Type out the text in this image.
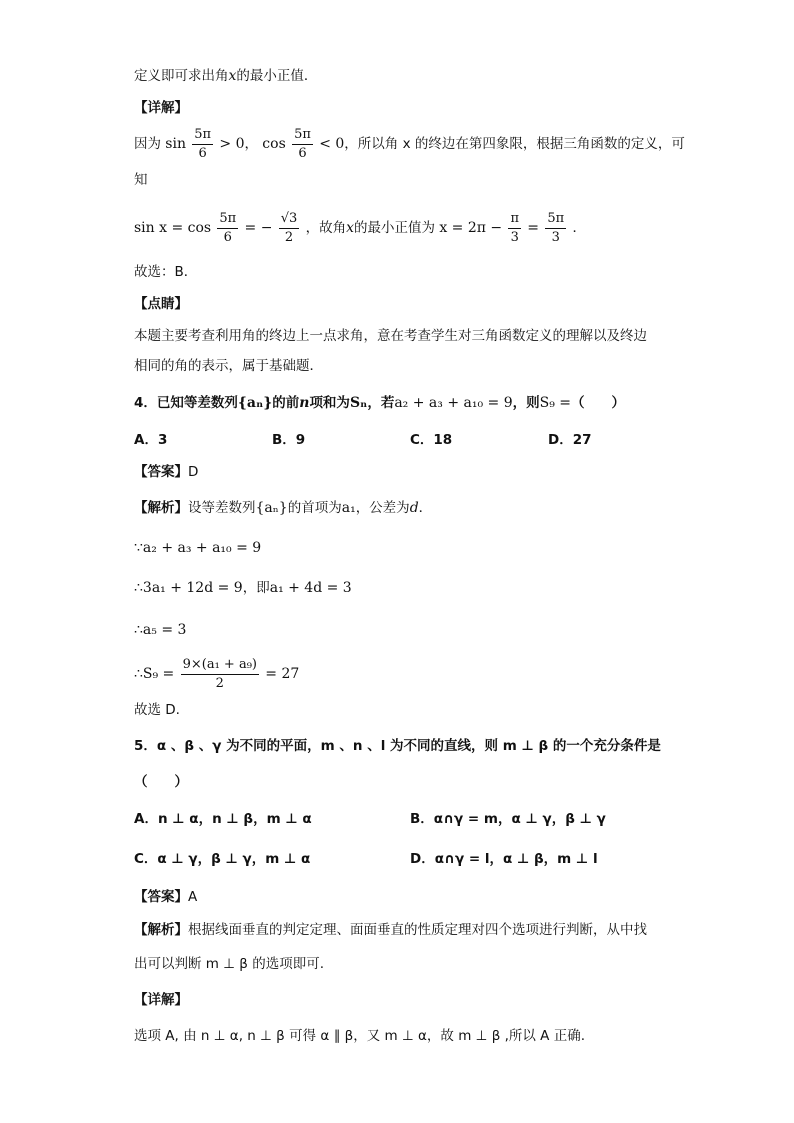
定义即可求出角x的最小正值．
【详解】
因为 $\sin \frac{5\pi}{6} > 0$， $\cos \frac{5\pi}{6} < 0$，所以角 x 的终边在第四象限，根据三角函数的定义，可
知
$\sin x = \cos \frac{5\pi}{6}$ = − $\frac{√3}{2}$ ，故角x的最小正值为 $x = 2\pi - \frac{\pi}{3} = \frac{5\pi}{3}$ ．
故选：B．
【点睛】
本题主要考查利用角的终边上一点求角，意在考查学生对三角函数定义的理解以及终边
相同的角的表示，属于基础题．
4．已知等差数列{aₙ}的前n项和为Sₙ，若a₂ + a₃ + a₁₀ = 9，则S₉ =（　　）
A．3	B．9	C．18	D．27
【答案】D
【解析】设等差数列{aₙ}的首项为a₁，公差为d．
∵a₂ + a₃ + a₁₀ = 9
∴3a₁ + 12d = 9，即a₁ + 4d = 3
∴a₅ = 3
∴S₉ = $\frac{\text{9×(a₁ + a₉)}}{2} = 27$
故选 D.
5．α 、β 、γ 为不同的平面，m 、n 、l 为不同的直线，则 m ⊥ β 的一个充分条件是
（　　）
A．n ⊥ α，n ⊥ β，m ⊥ α	B．α∩γ = m，α ⊥ γ，β ⊥ γ
C．α ⊥ γ，β ⊥ γ，m ⊥ α	D．α∩γ = l，α ⊥ β，m ⊥ l
【答案】A
【解析】根据线面垂直的判定定理、面面垂直的性质定理对四个选项进行判断，从中找
出可以判断 m ⊥ β 的选项即可.
【详解】
选项 A, 由 n ⊥ α, n ⊥ β 可得 α ∥ β，又 m ⊥ α，故 m ⊥ β ,所以 A 正确.
